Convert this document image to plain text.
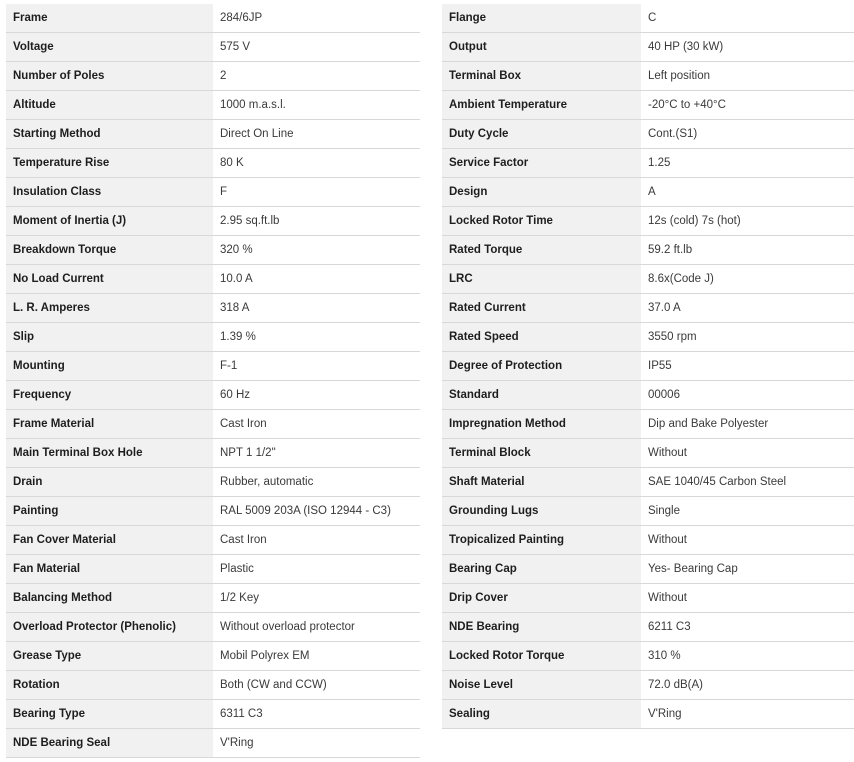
Frame	284/6JP
Voltage	575 V
Number of Poles	2
Altitude	1000 m.a.s.l.
Starting Method	Direct On Line
Temperature Rise	80 K
Insulation Class	F
Moment of Inertia (J)	2.95 sq.ft.lb
Breakdown Torque	320 %
No Load Current	10.0 A
L. R. Amperes	318 A
Slip	1.39 %
Mounting	F-1
Frequency	60 Hz
Frame Material	Cast Iron
Main Terminal Box Hole	NPT 1 1/2"
Drain	Rubber, automatic
Painting	RAL 5009 203A (ISO 12944 - C3)
Fan Cover Material	Cast Iron
Fan Material	Plastic
Balancing Method	1/2 Key
Overload Protector (Phenolic)	Without overload protector
Grease Type	Mobil Polyrex EM
Rotation	Both (CW and CCW)
Bearing Type	6311 C3
NDE Bearing Seal	V'Ring
Flange	C
Output	40 HP (30 kW)
Terminal Box	Left position
Ambient Temperature	-20°C to +40°C
Duty Cycle	Cont.(S1)
Service Factor	1.25
Design	A
Locked Rotor Time	12s (cold) 7s (hot)
Rated Torque	59.2 ft.lb
LRC	8.6x(Code J)
Rated Current	37.0 A
Rated Speed	3550 rpm
Degree of Protection	IP55
Standard	00006
Impregnation Method	Dip and Bake Polyester
Terminal Block	Without
Shaft Material	SAE 1040/45 Carbon Steel
Grounding Lugs	Single
Tropicalized Painting	Without
Bearing Cap	Yes- Bearing Cap
Drip Cover	Without
NDE Bearing	6211 C3
Locked Rotor Torque	310 %
Noise Level	72.0 dB(A)
Sealing	V'Ring
